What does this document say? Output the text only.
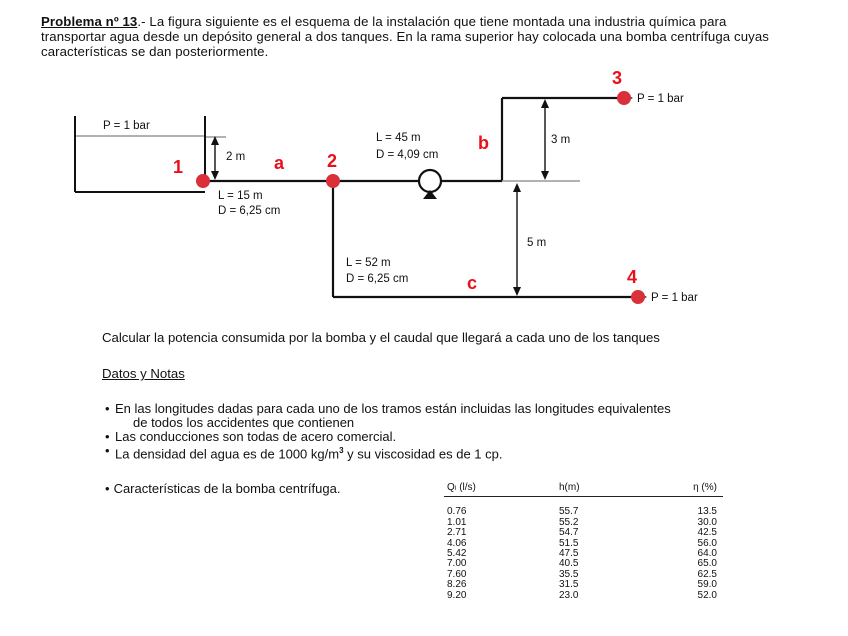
Problema nº 13.- La figura siguiente es el esquema de la instalación que tiene montada una industria química para transportar agua desde un depósito general a dos tanques. En la rama superior hay colocada una bomba centrífuga cuyas características se dan posteriormente.
P = 1 bar
2 m
3 m
5 m
L = 15 m
D = 6,25 cm
L = 45 m
D = 4,09 cm
L = 52 m
D = 6,25 cm
P = 1 bar
P = 1 bar
1	a 2
b
3
4
c
Calcular la potencia consumida por la bomba y el caudal que llegará a cada uno de los tanques
Datos y Notas
• En las longitudes dadas para cada uno de los tramos están incluidas las longitudes equivalentes
de todos los accidentes que contienen
• Las conducciones son todas de acero comercial.
• La densidad del agua es de 1000 $kg/m^3$ y su viscosidad es de 1 cp.
• Características de la bomba centrífuga.	Qₗ (l/s)	h(m)	η (%)
0.76	55.7	13.5
1.01	55.2	30.0
2.71	54.7	42.5
4.06	51.5	56.0
5.42	47.5	64.0
7.00	40.5	65.0
7.60	35.5	62.5
8.26	31.5	59.0
9.20	23.0	52.0
